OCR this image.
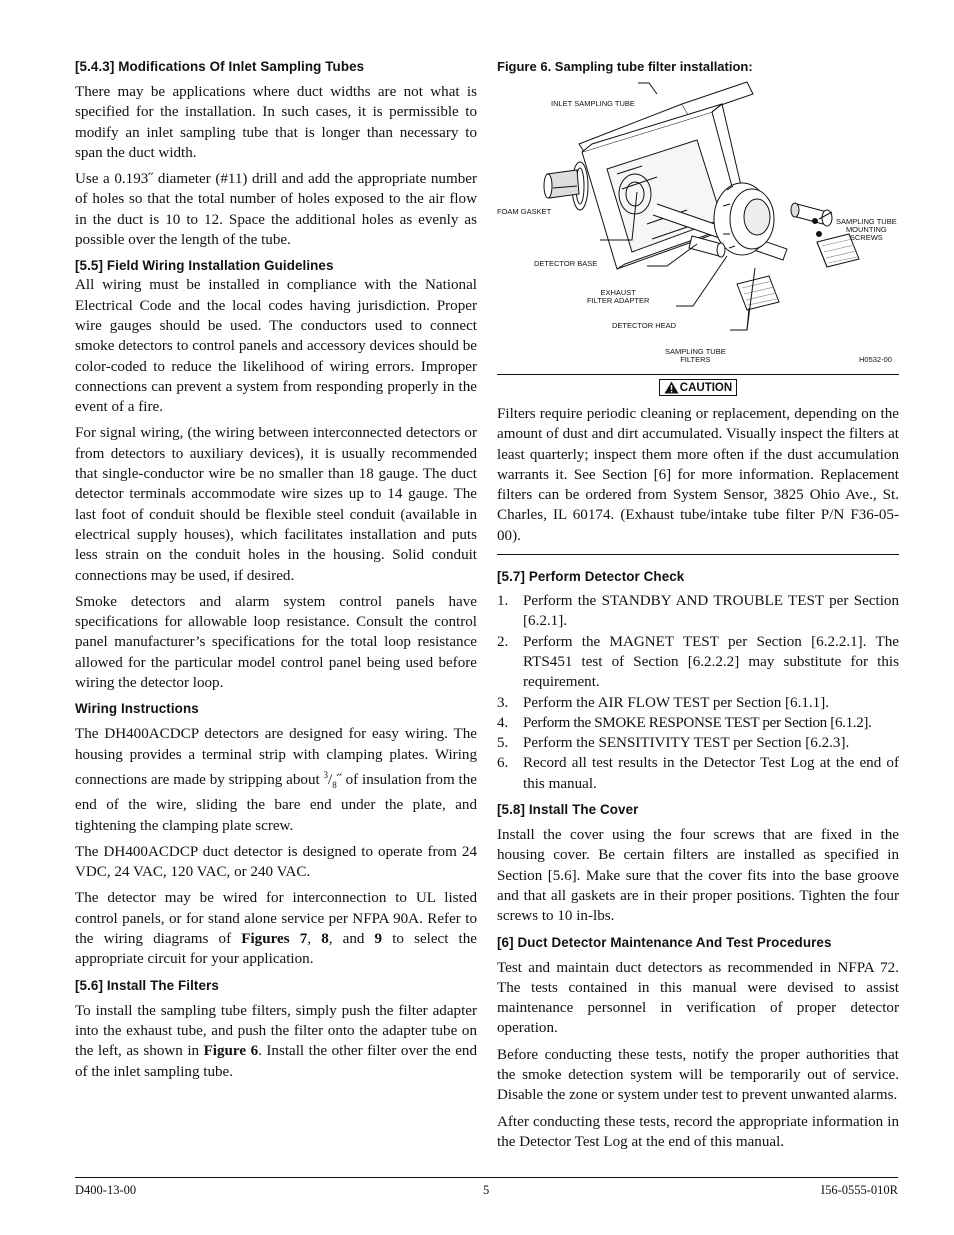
[5.4.3] Modifications Of Inlet Sampling Tubes

There may be applications where duct widths are not what is specified for the installation. In such cases, it is permissible to modify an inlet sampling tube that is longer than necessary to span the duct width.

Use a 0.193˝ diameter (#11) drill and add the appropriate number of holes so that the total number of holes exposed to the air flow in the duct is 10 to 12. Space the additional holes as evenly as possible over the length of the tube.

[5.5] Field Wiring Installation Guidelines

All wiring must be installed in compliance with the National Electrical Code and the local codes having jurisdiction. Proper wire gauges should be used. The conductors used to connect smoke detectors to control panels and accessory devices should be color-coded to reduce the likelihood of wiring errors. Improper connections can prevent a system from responding properly in the event of a fire.

For signal wiring, (the wiring between interconnected detectors or from detectors to auxiliary devices), it is usually recommended that single-conductor wire be no smaller than 18 gauge. The duct detector terminals accommodate wire sizes up to 14 gauge. The last foot of conduit should be flexible steel conduit (available in electrical supply houses), which facilitates installation and puts less strain on the conduit holes in the housing. Solid conduit connections may be used, if desired.

Smoke detectors and alarm system control panels have specifications for allowable loop resistance. Consult the control panel manufacturer’s specifications for the total loop resistance allowed for the particular model control panel being used before wiring the detector loop.

Wiring Instructions

The DH400ACDCP detectors are designed for easy wiring. The housing provides a terminal strip with clamping plates. Wiring connections are made by stripping about $^3/_8˝$ of insulation from the end of the wire, sliding the bare end under the plate, and tightening the clamping plate screw.

The DH400ACDCP duct detector is designed to operate from 24 VDC, 24 VAC, 120 VAC, or 240 VAC.

The detector may be wired for interconnection to UL listed control panels, or for stand alone service per NFPA 90A. Refer to the wiring diagrams of Figures 7, 8, and 9 to select the appropriate circuit for your application.

[5.6] Install The Filters

To install the sampling tube filters, simply push the filter adapter into the exhaust tube, and push the filter onto the adapter tube on the left, as shown in Figure 6. Install the other filter over the end of the inlet sampling tube.

Figure 6. Sampling tube filter installation:
INLET SAMPLING TUBE
FOAM GASKET
SAMPLING TUBE
MOUNTING
SCREWS
DETECTOR BASE
EXHAUST
FILTER ADAPTER
DETECTOR HEAD
SAMPLING TUBE
FILTERS	H0532-00
CAUTION

Filters require periodic cleaning or replacement, depending on the amount of dust and dirt accumulated. Visually inspect the filters at least quarterly; inspect them more often if the dust accumulation warrants it. See Section [6] for more information. Replacement filters can be ordered from System Sensor, 3825 Ohio Ave., St. Charles, IL 60174. (Exhaust tube/intake tube filter P/N F36-05-00).

[5.7] Perform Detector Check
1. Perform the STANDBY AND TROUBLE TEST per Section [6.2.1].
2. Perform the MAGNET TEST per Section [6.2.2.1]. The RTS451 test of Section [6.2.2.2] may substitute for this requirement.
3. Perform the AIR FLOW TEST per Section [6.1.1].
4. Perform the SMOKE RESPONSE TEST per Section [6.1.2].
5. Perform the SENSITIVITY TEST per Section [6.2.3].
6. Record all test results in the Detector Test Log at the end of this manual.
[5.8] Install The Cover

Install the cover using the four screws that are fixed in the housing cover. Be certain filters are installed as specified in Section [5.6]. Make sure that the cover fits into the base groove and that all gaskets are in their proper positions. Tighten the four screws to 10 in-lbs.

[6] Duct Detector Maintenance And Test Procedures

Test and maintain duct detectors as recommended in NFPA 72. The tests contained in this manual were devised to assist maintenance personnel in verification of proper detector operation.

Before conducting these tests, notify the proper authorities that the smoke detection system will be temporarily out of service. Disable the zone or system under test to prevent unwanted alarms.

After conducting these tests, record the appropriate information in the Detector Test Log at the end of this manual.

D400-13-00	5	I56-0555-010R
